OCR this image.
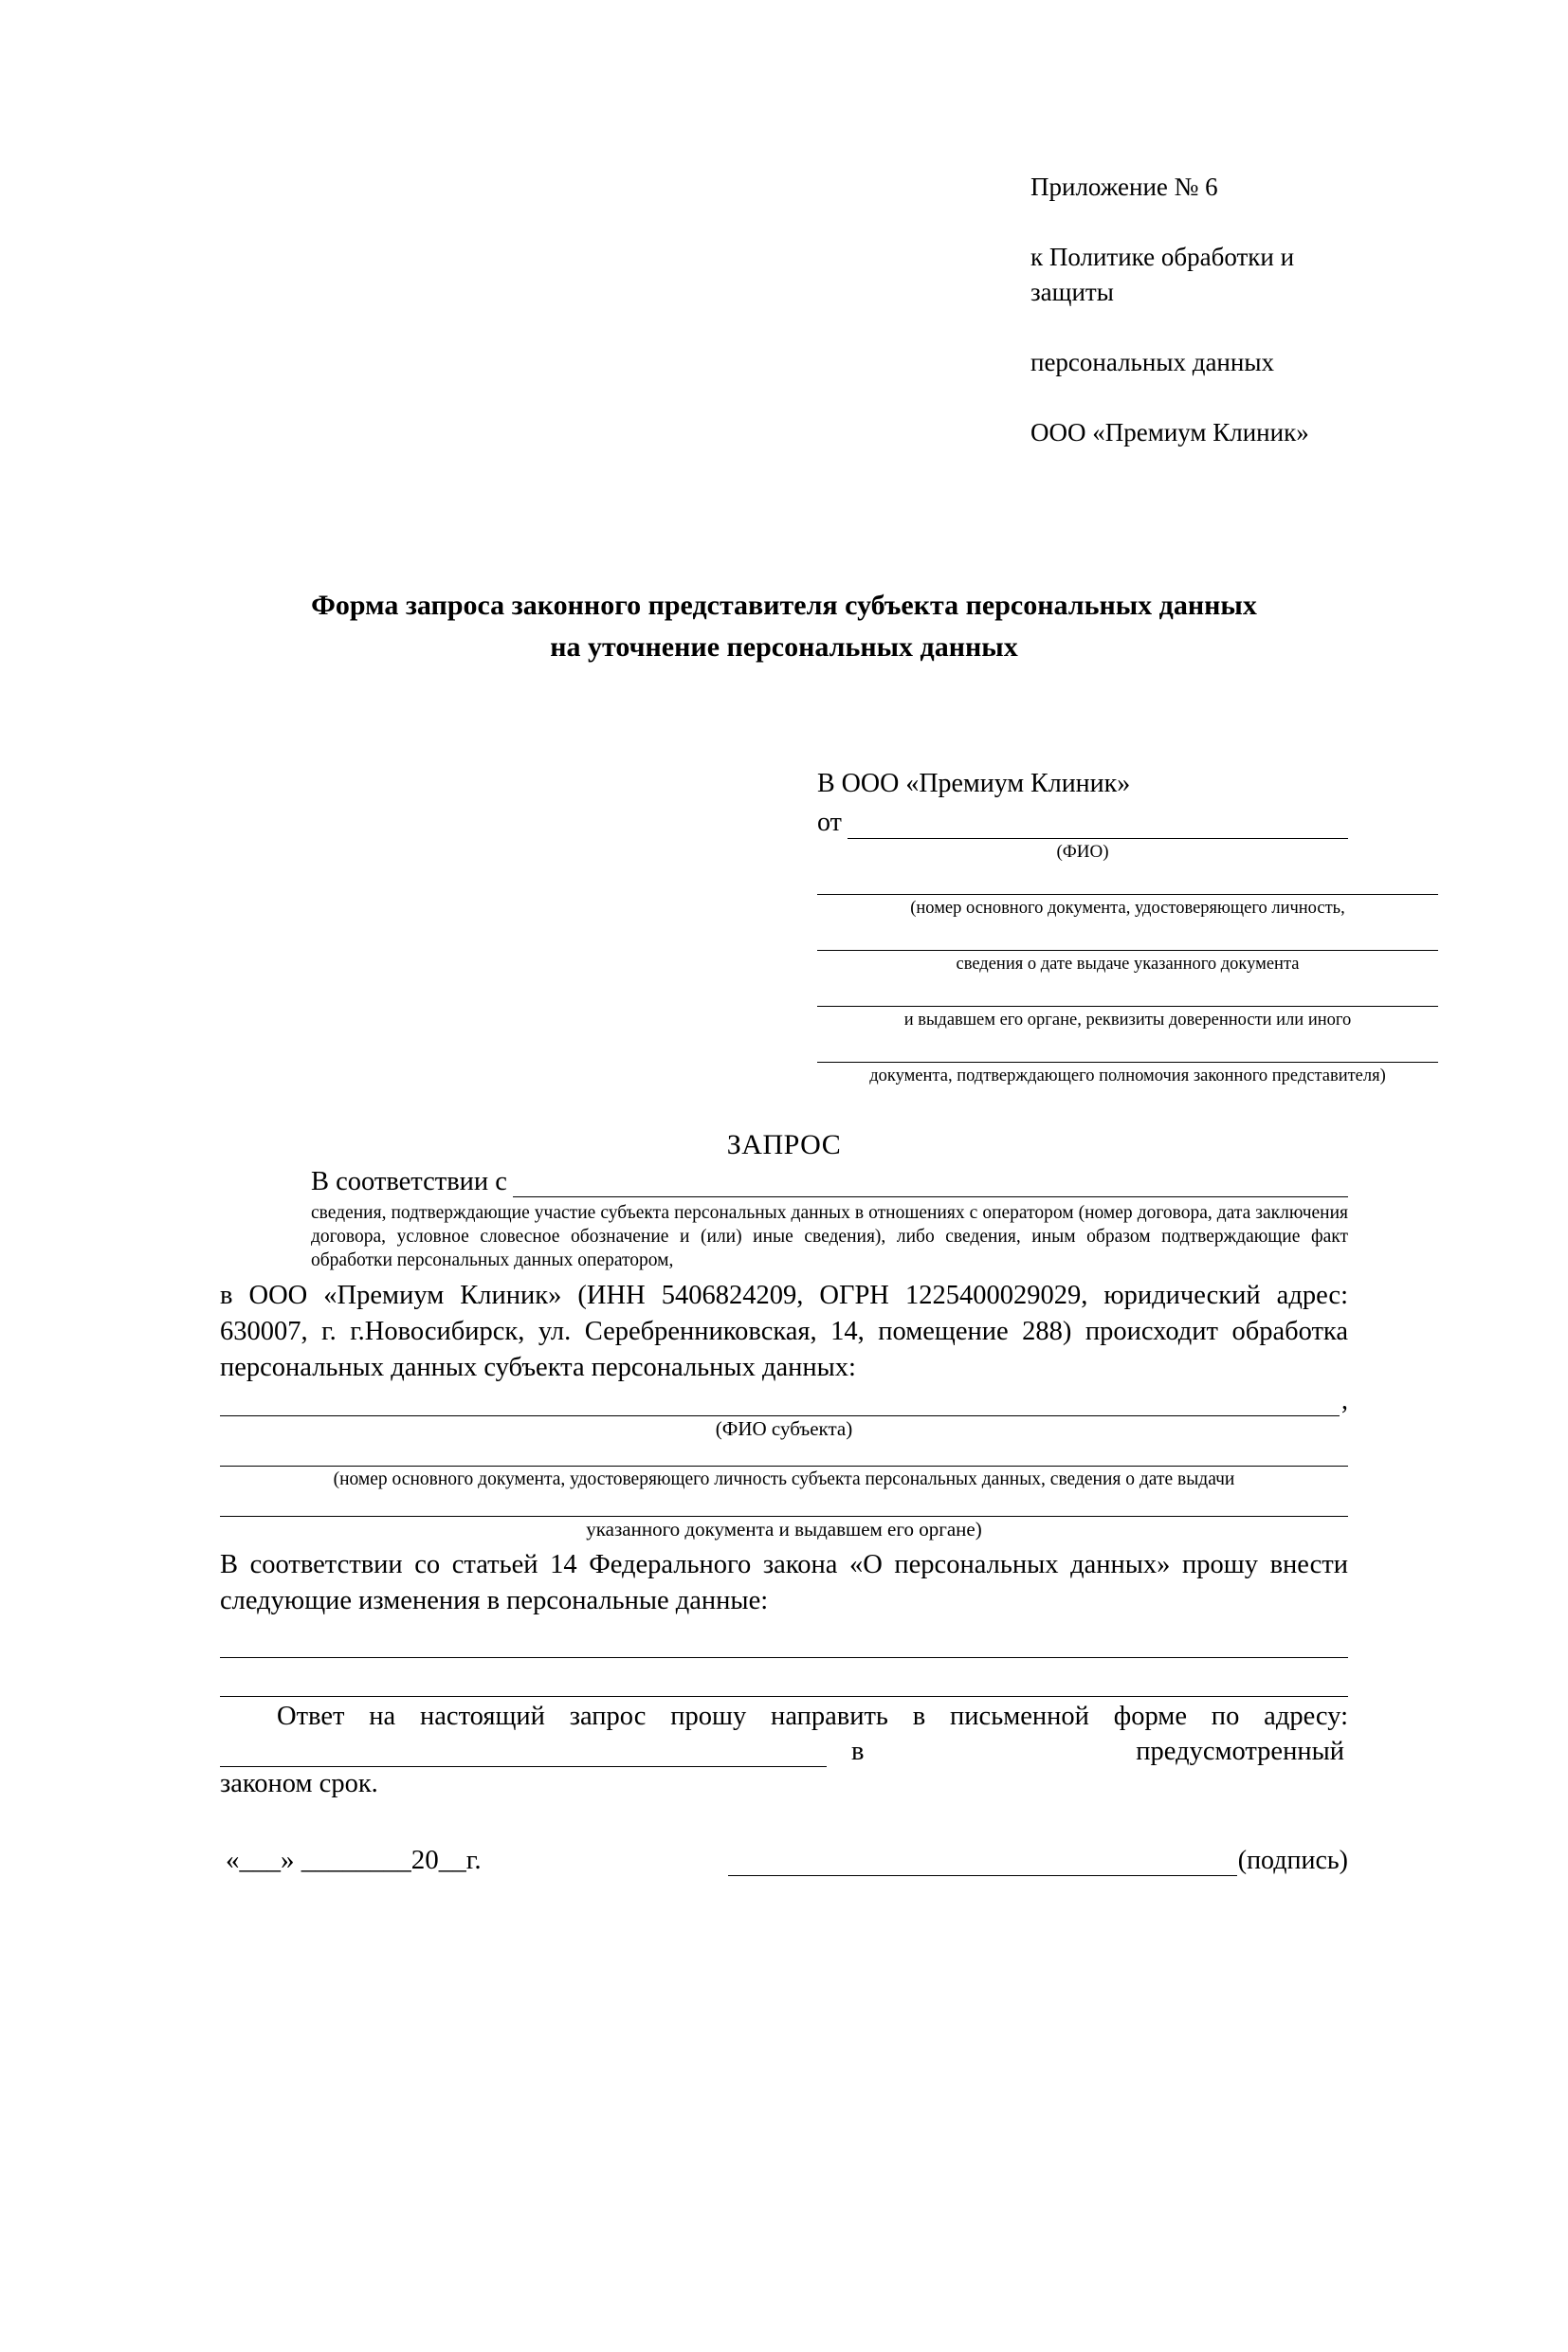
Приложение № 6

к Политике обработки и защиты

персональных данных

ООО «Премиум Клиник»

Форма запроса законного представителя субъекта персональных данных
на уточнение персональных данных
В ООО «Премиум Клиник»
от
(ФИО)
(номер основного документа, удостоверяющего личность,
сведения о дате выдаче указанного документа
и выдавшем его органе, реквизиты доверенности или иного
документа, подтверждающего полномочия законного представителя)
ЗАПРОС
В соответствии с
сведения, подтверждающие участие субъекта персональных данных в отношениях с оператором (номер договора, дата заключения договора, условное словесное обозначение и (или) иные сведения), либо сведения, иным образом подтверждающие факт обработки персональных данных оператором,
в ООО «Премиум Клиник» (ИНН 5406824209, ОГРН 1225400029029, юридический адрес: 630007, г. г.Новосибирск, ул. Серебренниковская, 14, помещение 288) происходит обработка персональных данных субъекта персональных данных:
,
(ФИО субъекта)
(номер основного документа, удостоверяющего личность субъекта персональных данных, сведения о дате выдачи
указанного документа и выдавшем его органе)
В соответствии со статьей 14 Федерального закона «О персональных данных» прошу внести следующие изменения в персональные данные:
Ответ на настоящий запрос прошу направить в письменной форме по адресу:
в	предусмотренный
законом срок.
«___» ________20__г.	(подпись)
